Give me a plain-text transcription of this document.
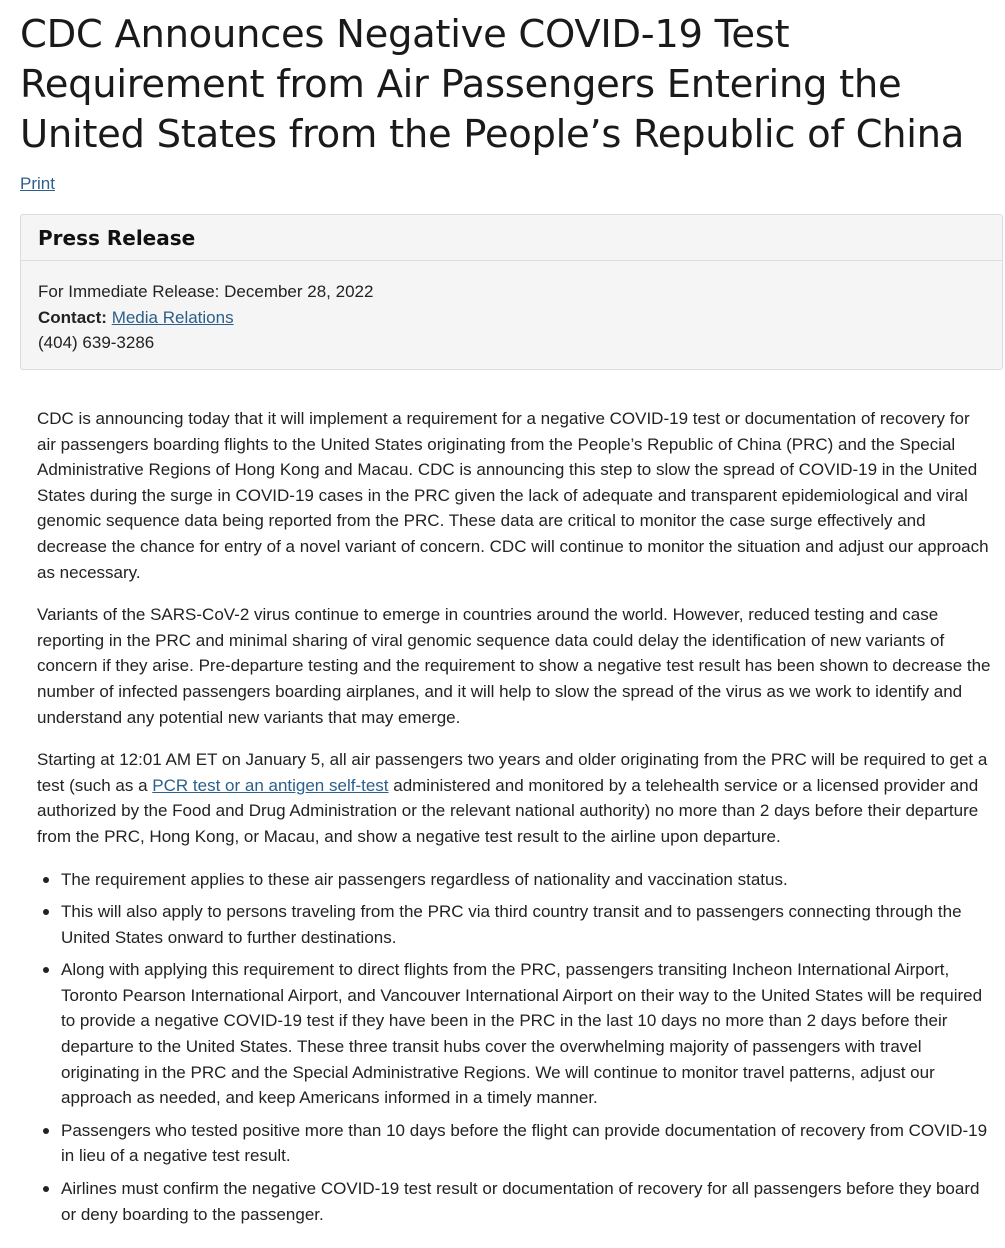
CDC Announces Negative COVID-19 Test Requirement from Air Passengers Entering the United States from the People’s Republic of China
Print
Press Release
For Immediate Release: December 28, 2022
Contact: Media Relations
(404) 639-3286

CDC is announcing today that it will implement a requirement for a negative COVID-19 test or documentation of recovery for air passengers boarding flights to the United States originating from the People’s Republic of China (PRC) and the Special Administrative Regions of Hong Kong and Macau. CDC is announcing this step to slow the spread of COVID-19 in the United States during the surge in COVID-19 cases in the PRC given the lack of adequate and transparent epidemiological and viral genomic sequence data being reported from the PRC. These data are critical to monitor the case surge effectively and decrease the chance for entry of a novel variant of concern. CDC will continue to monitor the situation and adjust our approach as necessary.

Variants of the SARS-CoV-2 virus continue to emerge in countries around the world. However, reduced testing and case reporting in the PRC and minimal sharing of viral genomic sequence data could delay the identification of new variants of concern if they arise. Pre-departure testing and the requirement to show a negative test result has been shown to decrease the number of infected passengers boarding airplanes, and it will help to slow the spread of the virus as we work to identify and understand any potential new variants that may emerge.

Starting at 12:01 AM ET on January 5, all air passengers two years and older originating from the PRC will be required to get a test (such as a PCR test or an antigen self-test administered and monitored by a telehealth service or a licensed provider and authorized by the Food and Drug Administration or the relevant national authority) no more than 2 days before their departure from the PRC, Hong Kong, or Macau, and show a negative test result to the airline upon departure.

The requirement applies to these air passengers regardless of nationality and vaccination status.
This will also apply to persons traveling from the PRC via third country transit and to passengers connecting through the United States onward to further destinations.
Along with applying this requirement to direct flights from the PRC, passengers transiting Incheon International Airport, Toronto Pearson International Airport, and Vancouver International Airport on their way to the United States will be required to provide a negative COVID-19 test if they have been in the PRC in the last 10 days no more than 2 days before their departure to the United States. These three transit hubs cover the overwhelming majority of passengers with travel originating in the PRC and the Special Administrative Regions. We will continue to monitor travel patterns, adjust our approach as needed, and keep Americans informed in a timely manner.
Passengers who tested positive more than 10 days before the flight can provide documentation of recovery from COVID-19 in lieu of a negative test result.
Airlines must confirm the negative COVID-19 test result or documentation of recovery for all passengers before they board or deny boarding to the passenger.
